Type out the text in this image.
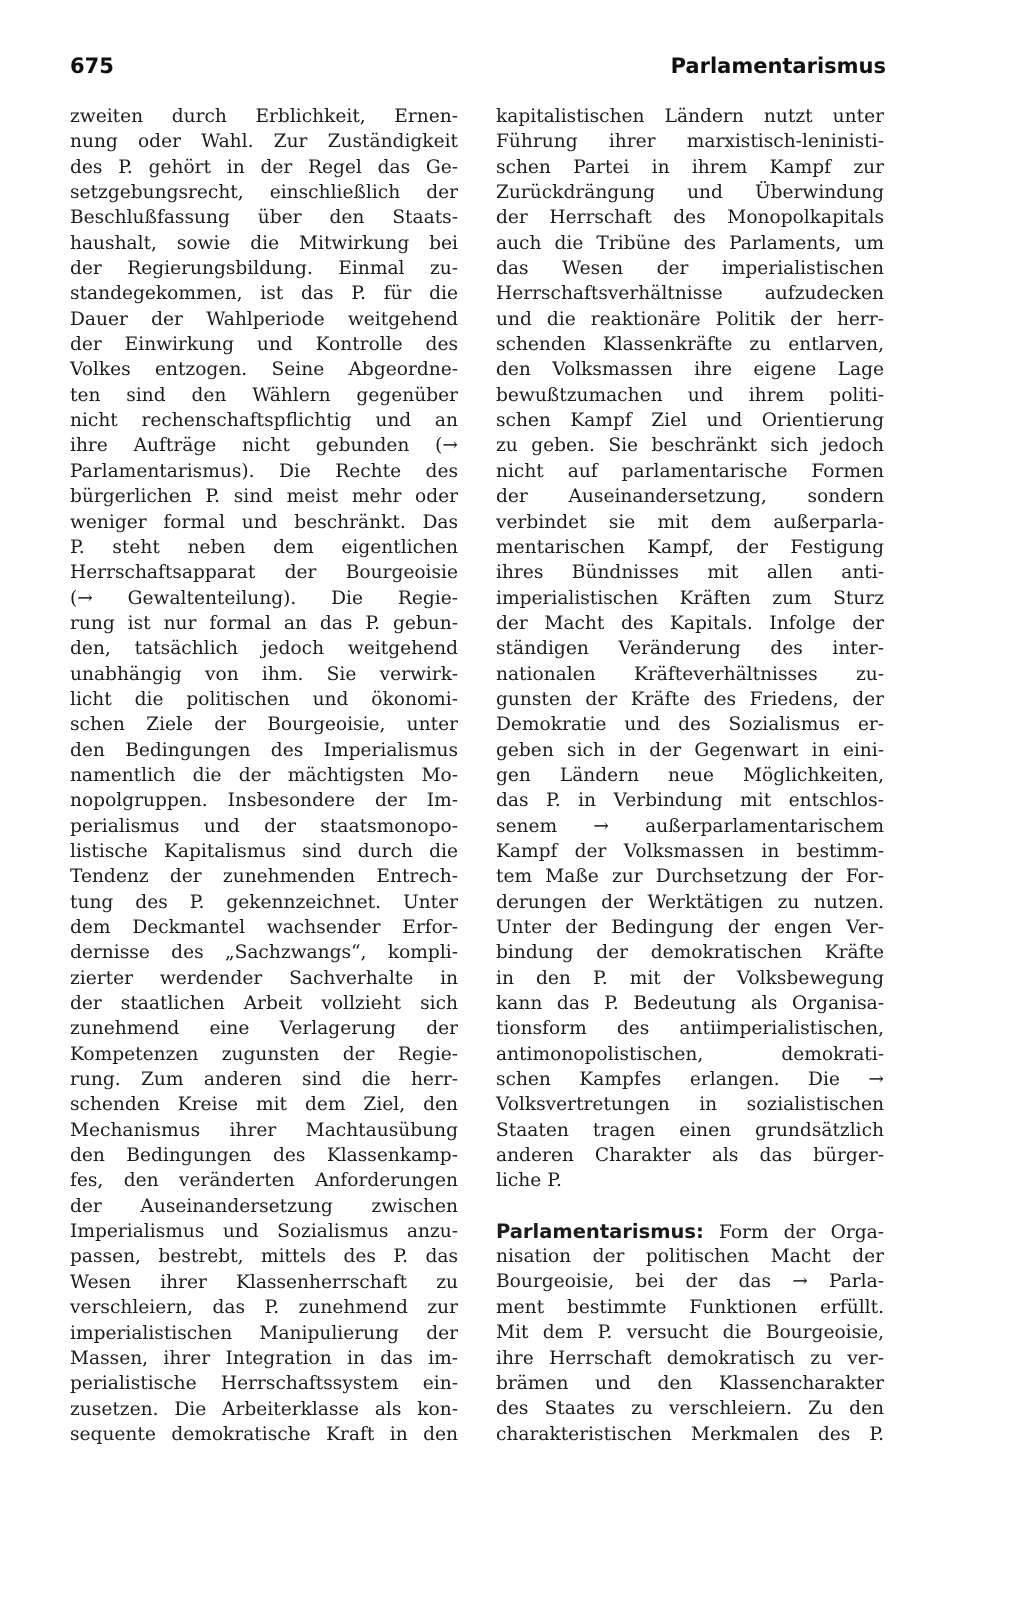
675	Parlamentarismus
zweiten durch Erblichkeit, Ernen-
nung oder Wahl. Zur Zuständigkeit
des P. gehört in der Regel das Ge-
setzgebungsrecht, einschließlich der
Beschlußfassung über den Staats-
haushalt, sowie die Mitwirkung bei
der Regierungsbildung. Einmal zu-
standegekommen, ist das P. für die
Dauer der Wahlperiode weitgehend
der Einwirkung und Kontrolle des
Volkes entzogen. Seine Abgeordne-
ten sind den Wählern gegenüber
nicht rechenschaftspflichtig und an
ihre Aufträge nicht gebunden (→
Parlamentarismus). Die Rechte des
bürgerlichen P. sind meist mehr oder
weniger formal und beschränkt. Das
P. steht neben dem eigentlichen
Herrschaftsapparat der Bourgeoisie
(→ Gewaltenteilung). Die Regie-
rung ist nur formal an das P. gebun-
den, tatsächlich jedoch weitgehend
unabhängig von ihm. Sie verwirk-
licht die politischen und ökonomi-
schen Ziele der Bourgeoisie, unter
den Bedingungen des Imperialismus
namentlich die der mächtigsten Mo-
nopolgruppen. Insbesondere der Im-
perialismus und der staatsmonopo-
listische Kapitalismus sind durch die
Tendenz der zunehmenden Entrech-
tung des P. gekennzeichnet. Unter
dem Deckmantel wachsender Erfor-
dernisse des „Sachzwangs“, kompli-
zierter werdender Sachverhalte in
der staatlichen Arbeit vollzieht sich
zunehmend eine Verlagerung der
Kompetenzen zugunsten der Regie-
rung. Zum anderen sind die herr-
schenden Kreise mit dem Ziel, den
Mechanismus ihrer Machtausübung
den Bedingungen des Klassenkamp-
fes, den veränderten Anforderungen
der Auseinandersetzung zwischen
Imperialismus und Sozialismus anzu-
passen, bestrebt, mittels des P. das
Wesen ihrer Klassenherrschaft zu
verschleiern, das P. zunehmend zur
imperialistischen Manipulierung der
Massen, ihrer Integration in das im-
perialistische Herrschaftssystem ein-
zusetzen. Die Arbeiterklasse als kon-
sequente demokratische Kraft in den
kapitalistischen Ländern nutzt unter
Führung ihrer marxistisch-leninisti-
schen Partei in ihrem Kampf zur
Zurückdrängung und Überwindung
der Herrschaft des Monopolkapitals
auch die Tribüne des Parlaments, um
das Wesen der imperialistischen
Herrschaftsverhältnisse aufzudecken
und die reaktionäre Politik der herr-
schenden Klassenkräfte zu entlarven,
den Volksmassen ihre eigene Lage
bewußtzumachen und ihrem politi-
schen Kampf Ziel und Orientierung
zu geben. Sie beschränkt sich jedoch
nicht auf parlamentarische Formen
der Auseinandersetzung, sondern
verbindet sie mit dem außerparla-
mentarischen Kampf, der Festigung
ihres Bündnisses mit allen anti-
imperialistischen Kräften zum Sturz
der Macht des Kapitals. Infolge der
ständigen Veränderung des inter-
nationalen Kräfteverhältnisses zu-
gunsten der Kräfte des Friedens, der
Demokratie und des Sozialismus er-
geben sich in der Gegenwart in eini-
gen Ländern neue Möglichkeiten,
das P. in Verbindung mit entschlos-
senem → außerparlamentarischem
Kampf der Volksmassen in bestimm-
tem Maße zur Durchsetzung der For-
derungen der Werktätigen zu nutzen.
Unter der Bedingung der engen Ver-
bindung der demokratischen Kräfte
in den P. mit der Volksbewegung
kann das P. Bedeutung als Organisa-
tionsform des antiimperialistischen,
antimonopolistischen, demokrati-
schen Kampfes erlangen. Die →
Volksvertretungen in sozialistischen
Staaten tragen einen grundsätzlich
anderen Charakter als das bürger-
liche P.
Parlamentarismus: Form der Orga-
nisation der politischen Macht der
Bourgeoisie, bei der das → Parla-
ment bestimmte Funktionen erfüllt.
Mit dem P. versucht die Bourgeoisie,
ihre Herrschaft demokratisch zu ver-
brämen und den Klassencharakter
des Staates zu verschleiern. Zu den
charakteristischen Merkmalen des P.
